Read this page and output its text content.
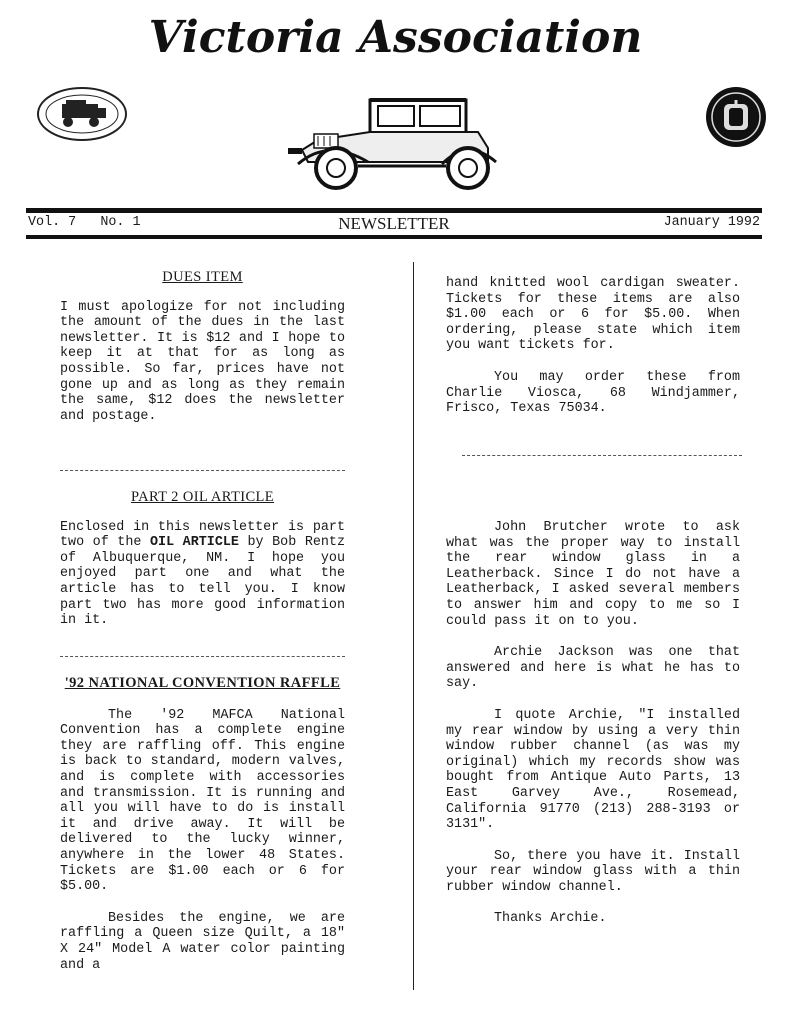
Victoria Association
Vol. 7 No. 1	NEWSLETTER	January 1992
DUES ITEM

I must apologize for not including the amount of the dues in the last newsletter. It is $12 and I hope to keep it at that for as long as possible. So far, prices have not gone up and as long as they remain the same, $12 does the newsletter and postage.

PART 2 OIL ARTICLE

Enclosed in this newsletter is part two of the OIL ARTICLE by Bob Rentz of Albuquerque, NM. I hope you enjoyed part one and what the article has to tell you. I know part two has more good information in it.

'92 NATIONAL CONVENTION RAFFLE

The '92 MAFCA National Convention has a complete engine they are raffling off. This engine is back to standard, modern valves, and is complete with accessories and transmission. It is running and all you will have to do is install it and drive away. It will be delivered to the lucky winner, anywhere in the lower 48 States. Tickets are $1.00 each or 6 for $5.00.

Besides the engine, we are raffling a Queen size Quilt, a 18" X 24" Model A water color painting and a

hand knitted wool cardigan sweater. Tickets for these items are also $1.00 each or 6 for $5.00. When ordering, please state which item you want tickets for.

You may order these from Charlie Viosca, 68 Windjammer, Frisco, Texas 75034.

John Brutcher wrote to ask what was the proper way to install the rear window glass in a Leatherback. Since I do not have a Leatherback, I asked several members to answer him and copy to me so I could pass it on to you.

Archie Jackson was one that answered and here is what he has to say.

I quote Archie, "I installed my rear window by using a very thin window rubber channel (as was my original) which my records show was bought from Antique Auto Parts, 13 East Garvey Ave., Rosemead, California 91770 (213) 288-3193 or 3131".

So, there you have it. Install your rear window glass with a thin rubber window channel.

Thanks Archie.
